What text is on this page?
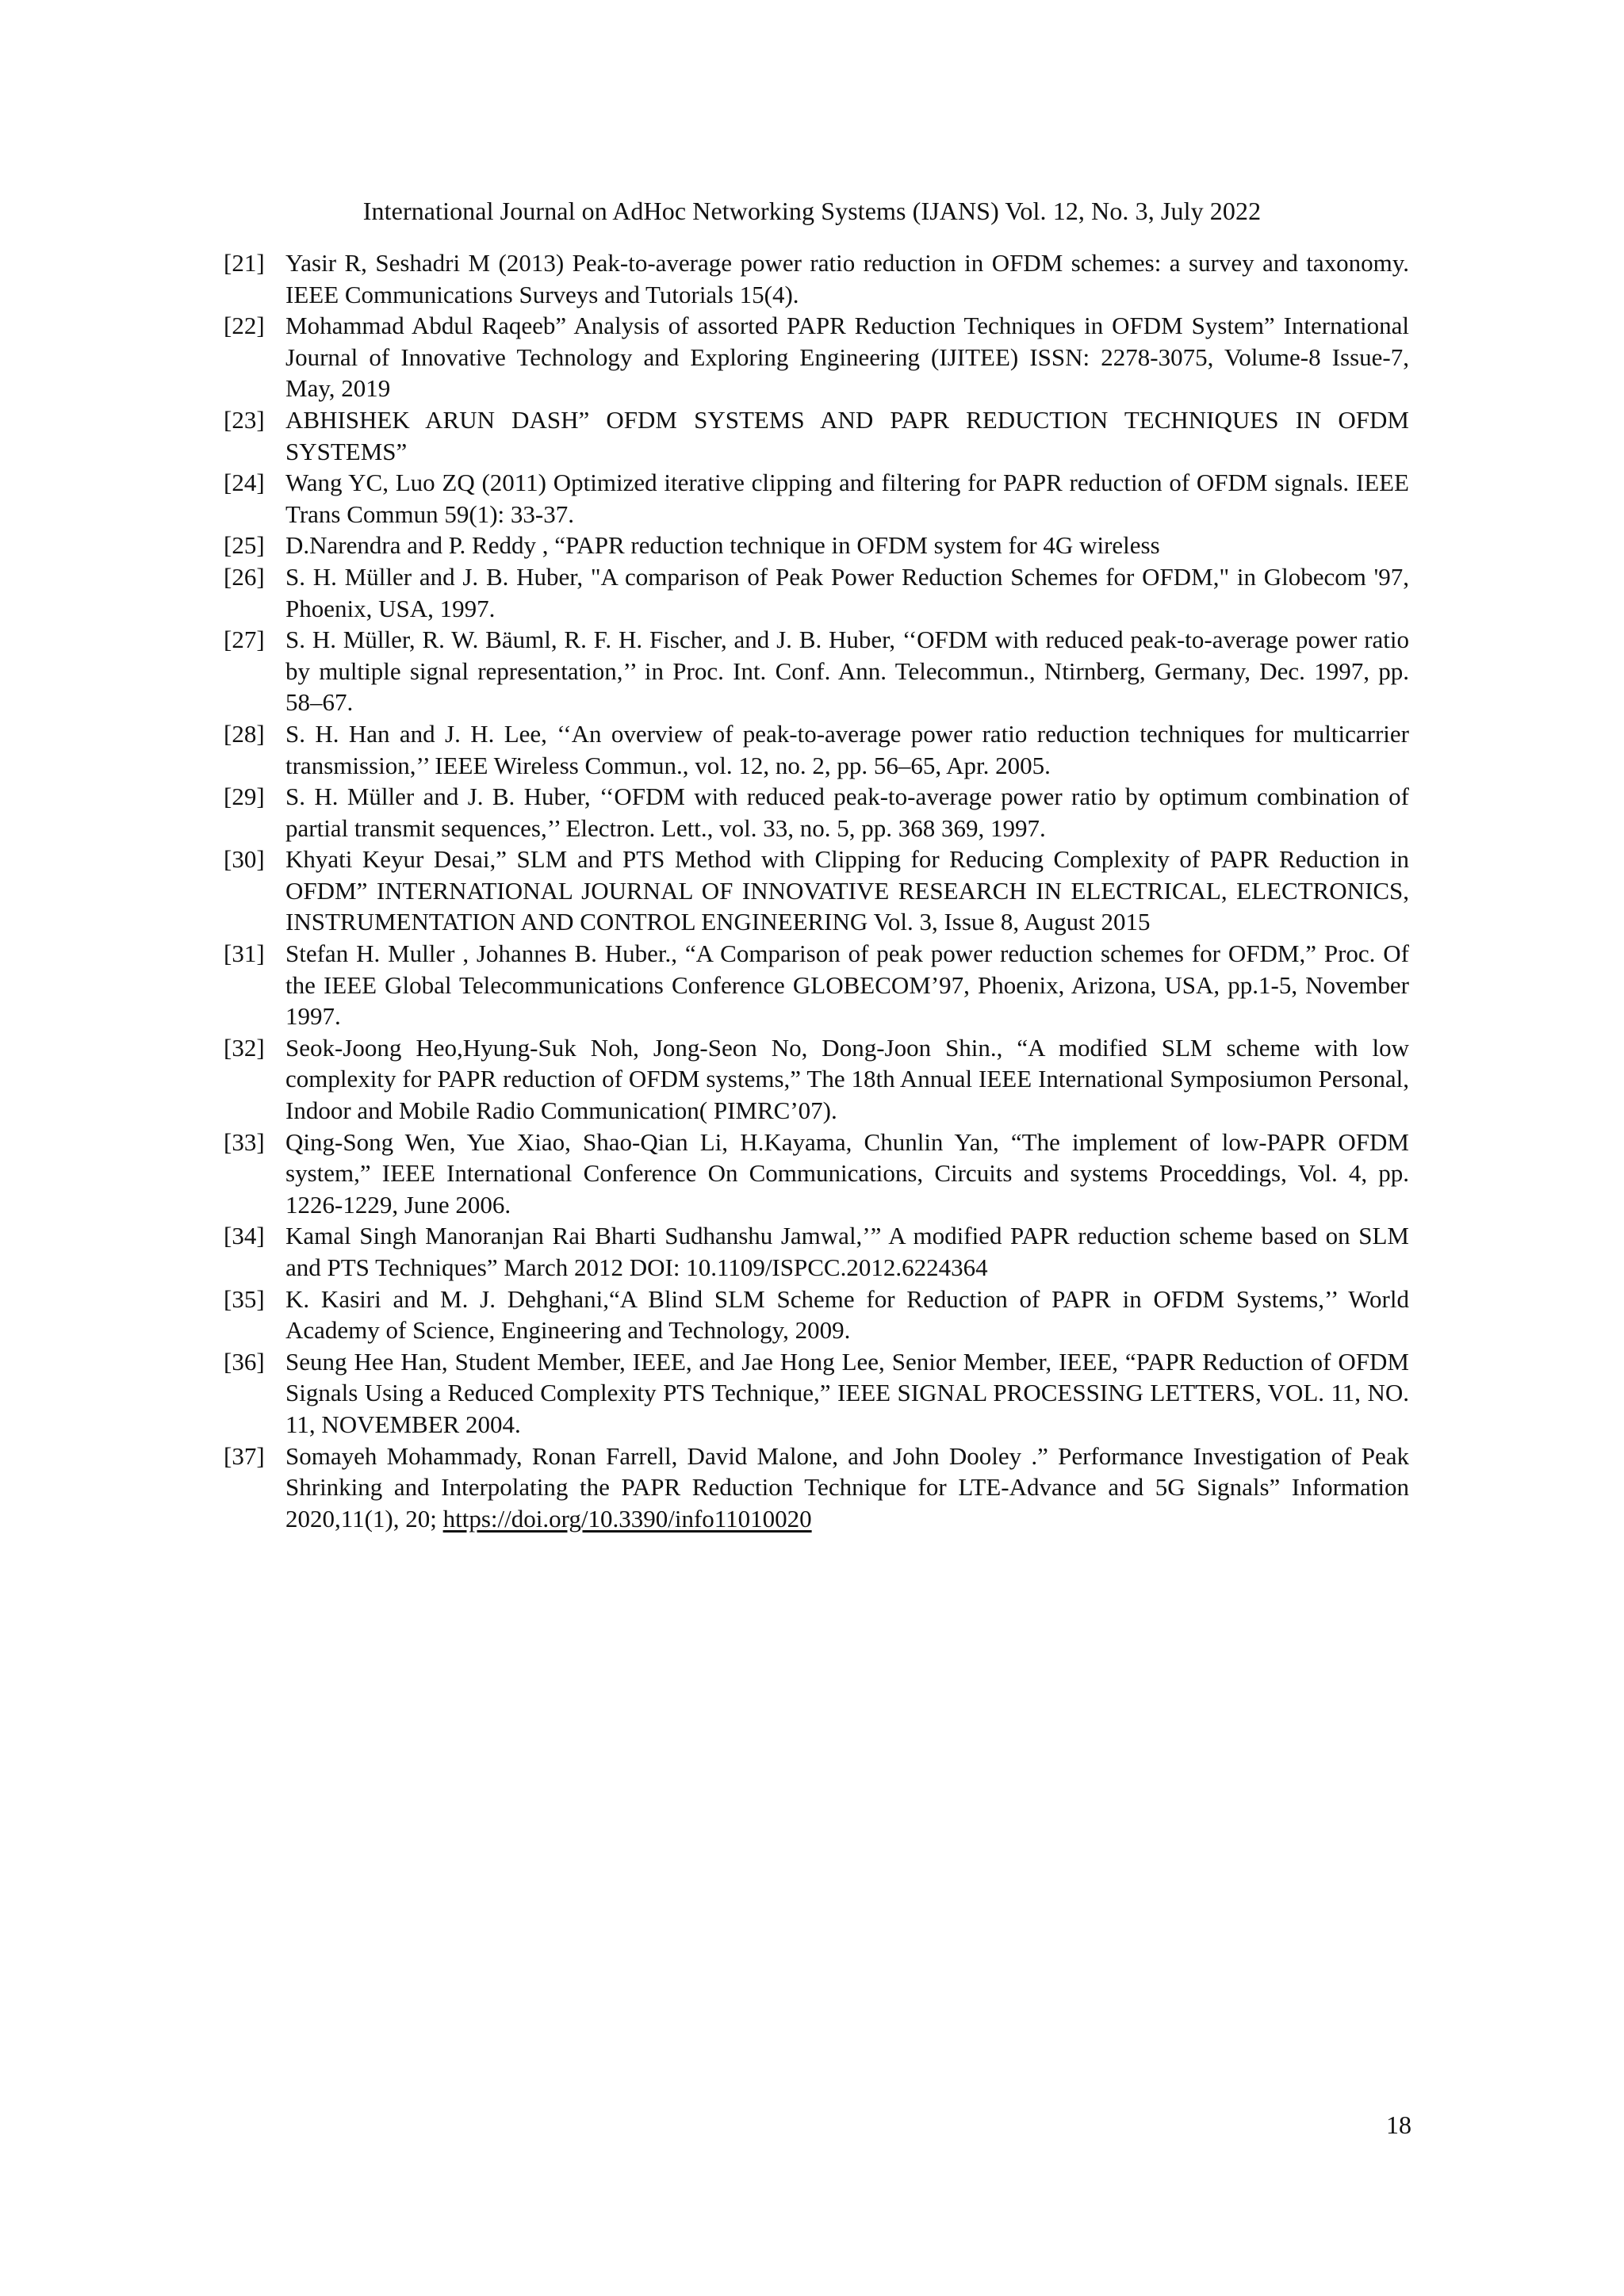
International Journal on AdHoc Networking Systems (IJANS) Vol. 12, No. 3, July 2022
[21] Yasir R, Seshadri M (2013) Peak-to-average power ratio reduction in OFDM schemes: a survey and taxonomy. IEEE Communications Surveys and Tutorials 15(4).
[22] Mohammad Abdul Raqeeb” Analysis of assorted PAPR Reduction Techniques in OFDM System” International Journal of Innovative Technology and Exploring Engineering (IJITEE) ISSN: 2278-3075, Volume-8 Issue-7, May, 2019
[23] ABHISHEK ARUN DASH” OFDM SYSTEMS AND PAPR REDUCTION TECHNIQUES IN OFDM SYSTEMS”
[24] Wang YC, Luo ZQ (2011) Optimized iterative clipping and filtering for PAPR reduction of OFDM signals. IEEE Trans Commun 59(1): 33-37.
[25] D.Narendra and P. Reddy , “PAPR reduction technique in OFDM system for 4G wireless
[26] S. H. Müller and J. B. Huber, "A comparison of Peak Power Reduction Schemes for OFDM," in Globecom '97, Phoenix, USA, 1997.
[27] S. H. Müller, R. W. Bäuml, R. F. H. Fischer, and J. B. Huber, ‘‘OFDM with reduced peak-to-average power ratio by multiple signal representation,’’ in Proc. Int. Conf. Ann. Telecommun., Ntirnberg, Germany, Dec. 1997, pp. 58–67.
[28] S. H. Han and J. H. Lee, ‘‘An overview of peak-to-average power ratio reduction techniques for multicarrier transmission,’’ IEEE Wireless Commun., vol. 12, no. 2, pp. 56–65, Apr. 2005.
[29] S. H. Müller and J. B. Huber, ‘‘OFDM with reduced peak-to-average power ratio by optimum combination of partial transmit sequences,’’ Electron. Lett., vol. 33, no. 5, pp. 368 369, 1997.
[30] Khyati Keyur Desai,” SLM and PTS Method with Clipping for Reducing Complexity of PAPR Reduction in OFDM” INTERNATIONAL JOURNAL OF INNOVATIVE RESEARCH IN ELECTRICAL, ELECTRONICS, INSTRUMENTATION AND CONTROL ENGINEERING Vol. 3, Issue 8, August 2015
[31] Stefan H. Muller , Johannes B. Huber., “A Comparison of peak power reduction schemes for OFDM,” Proc. Of the IEEE Global Telecommunications Conference GLOBECOM’97, Phoenix, Arizona, USA, pp.1-5, November 1997.
[32] Seok-Joong Heo,Hyung-Suk Noh, Jong-Seon No, Dong-Joon Shin., “A modified SLM scheme with low complexity for PAPR reduction of OFDM systems,” The 18th Annual IEEE International Symposiumon Personal, Indoor and Mobile Radio Communication( PIMRC’07).
[33] Qing-Song Wen, Yue Xiao, Shao-Qian Li, H.Kayama, Chunlin Yan, “The implement of low-PAPR OFDM system,” IEEE International Conference On Communications, Circuits and systems Proceddings, Vol. 4, pp. 1226-1229, June 2006.
[34] Kamal Singh Manoranjan Rai Bharti Sudhanshu Jamwal,’” A modified PAPR reduction scheme based on SLM and PTS Techniques” March 2012 DOI: 10.1109/ISPCC.2012.6224364
[35] K. Kasiri and M. J. Dehghani,“A Blind SLM Scheme for Reduction of PAPR in OFDM Systems,’’ World Academy of Science, Engineering and Technology, 2009.
[36] Seung Hee Han, Student Member, IEEE, and Jae Hong Lee, Senior Member, IEEE, “PAPR Reduction of OFDM Signals Using a Reduced Complexity PTS Technique,” IEEE SIGNAL PROCESSING LETTERS, VOL. 11, NO. 11, NOVEMBER 2004.
[37] Somayeh Mohammady, Ronan Farrell, David Malone, and John Dooley .” Performance Investigation of Peak Shrinking and Interpolating the PAPR Reduction Technique for LTE-Advance and 5G Signals” Information 2020,11(1), 20; https://doi.org/10.3390/info11010020
18
